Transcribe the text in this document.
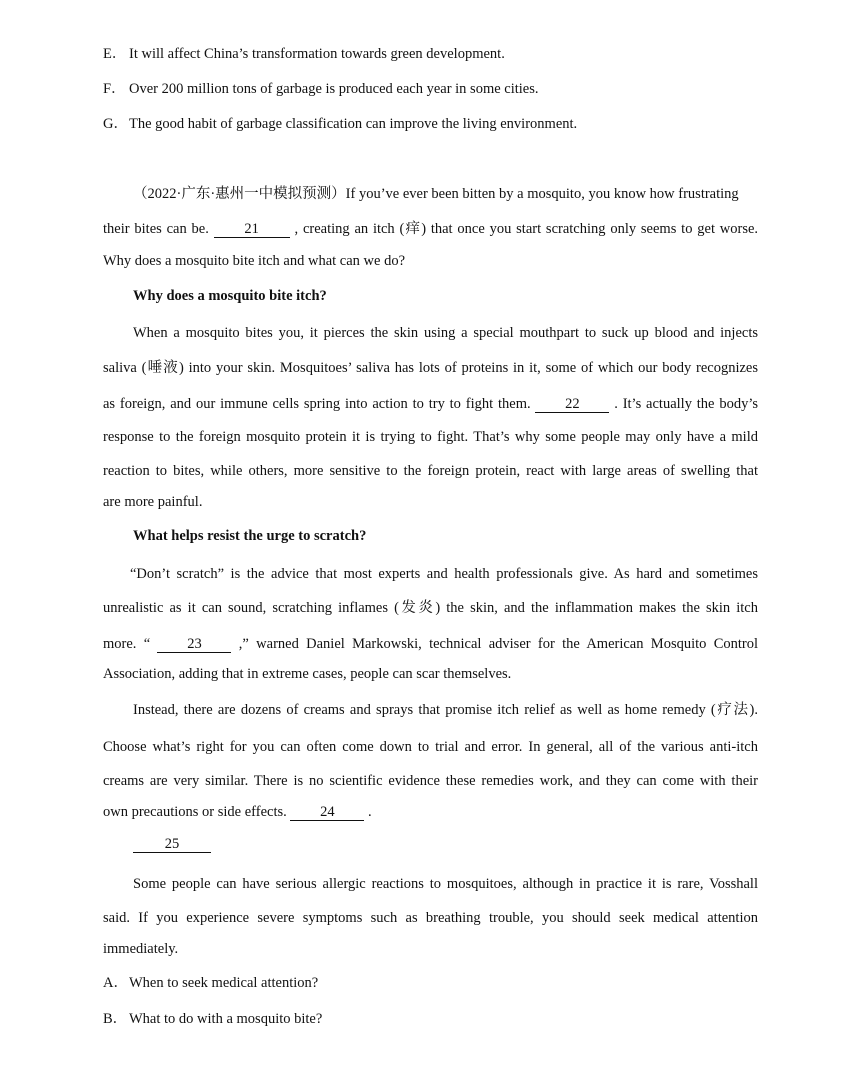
E． It will affect China’s transformation towards green development.
F． Over 200 million tons of garbage is produced each year in some cities.
G．The good habit of garbage classification can improve the living environment.
（2022·广东·惠州一中模拟预测）If you’ve ever been bitten by a mosquito, you know how frustrating
their bites can be. 21 , creating an itch (痒) that once you start scratching only seems to get worse.
Why does a mosquito bite itch and what can we do?
Why does a mosquito bite itch?
When a mosquito bites you, it pierces the skin using a special mouthpart to suck up blood and injects
saliva (唾液) into your skin. Mosquitoes’ saliva has lots of proteins in it, some of which our body recognizes
as foreign, and our immune cells spring into action to try to fight them. 22 . It’s actually the body’s
response to the foreign mosquito protein it is trying to fight. That’s why some people may only have a mild
reaction to bites, while others, more sensitive to the foreign protein, react with large areas of swelling that
are more painful.
What helps resist the urge to scratch?
“Don’t scratch” is the advice that most experts and health professionals give. As hard and sometimes
unrealistic as it can sound, scratching inflames (发炎) the skin, and the inflammation makes the skin itch
more. “	23	,” warned Daniel Markowski, technical adviser for the American Mosquito Control
Association, adding that in extreme cases, people can scar themselves.
Instead, there are dozens of creams and sprays that promise itch relief as well as home remedy (疗法).
Choose what’s right for you can often come down to trial and error. In general, all of the various anti-itch
creams are very similar. There is no scientific evidence these remedies work, and they can come with their
own precautions or side effects. 24 .
25
Some people can have serious allergic reactions to mosquitoes, although in practice it is rare, Vosshall
said. If you experience severe symptoms such as breathing trouble, you should seek medical attention
immediately.
A．When to seek medical attention?
B． What to do with a mosquito bite?
